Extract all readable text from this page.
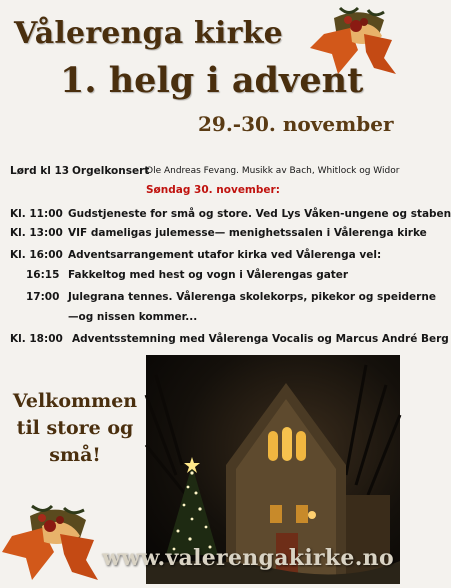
Vålerenga kirke
1. helg i advent
29.-30. november
Lørd kl 13 Orgelkonsert
Ole Andreas Fevang. Musikk av Bach, Whitlock og Widor
Søndag 30. november:
Kl. 11:00 Gudstjeneste for små og store. Ved Lys Våken-ungene og staben
Kl. 13:00 VIF dameligas julemesse— menighetssalen i Vålerenga kirke
Kl. 16:00 Adventsarrangement utafor kirka ved Vålerenga vel:
16:15 Fakkeltog med hest og vogn i Vålerengas gater
17:00 Julegrana tennes. Vålerenga skolekorps, pikekor og speiderne
—og nissen kommer...
Kl. 18:00 Adventsstemning med Vålerenga Vocalis og Marcus André Berg
Velkommen
til store og
små!
www.valerengakirke.no
